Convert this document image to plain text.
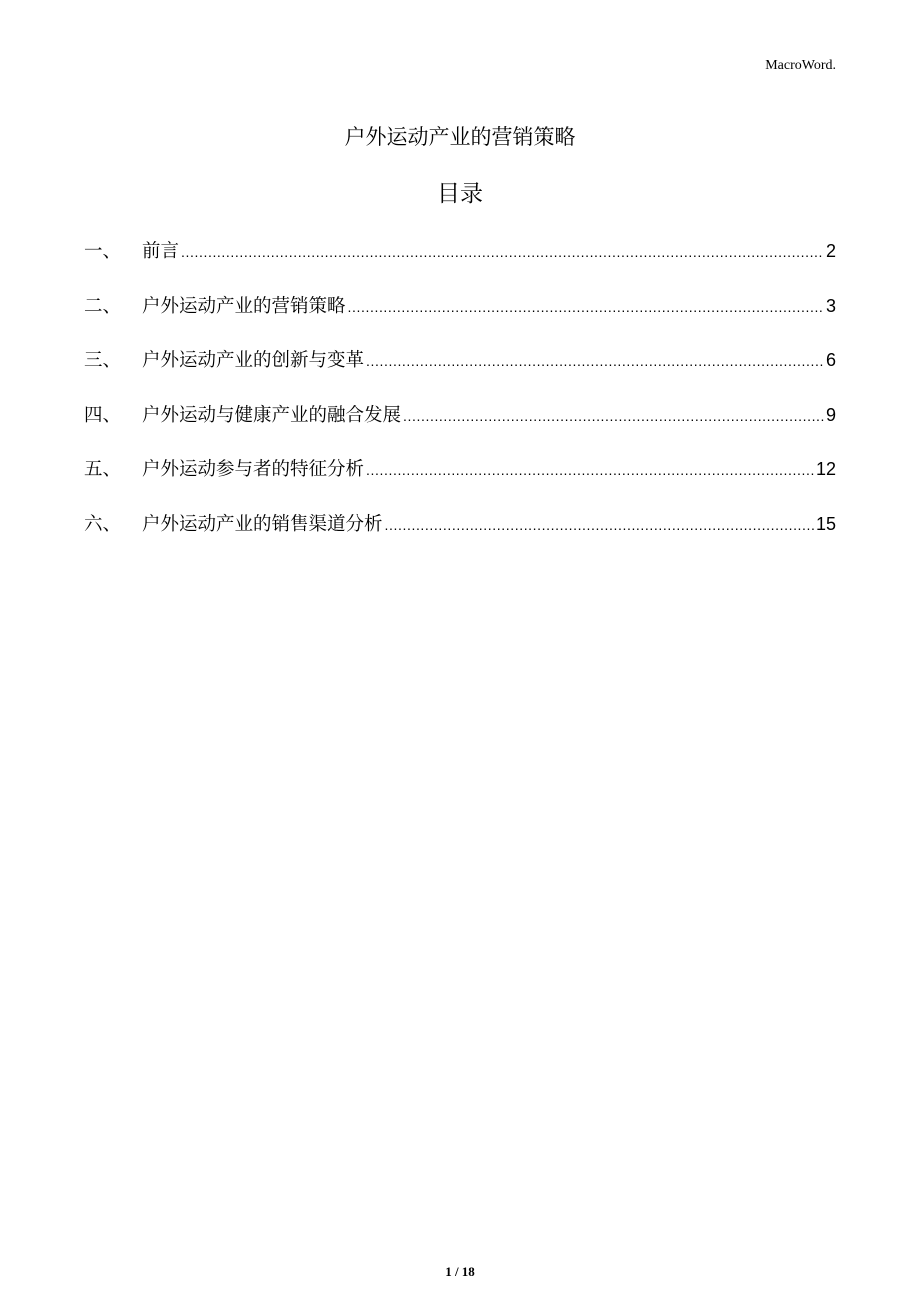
MacroWord.
户外运动产业的营销策略
目录
一、	前言 .....	2
二、	户外运动产业的营销策略 .....	3
三、	户外运动产业的创新与变革 .....	6
四、	户外运动与健康产业的融合发展 .....	9
五、	户外运动参与者的特征分析 .....	12
六、	户外运动产业的销售渠道分析 .....	15
1 / 18
